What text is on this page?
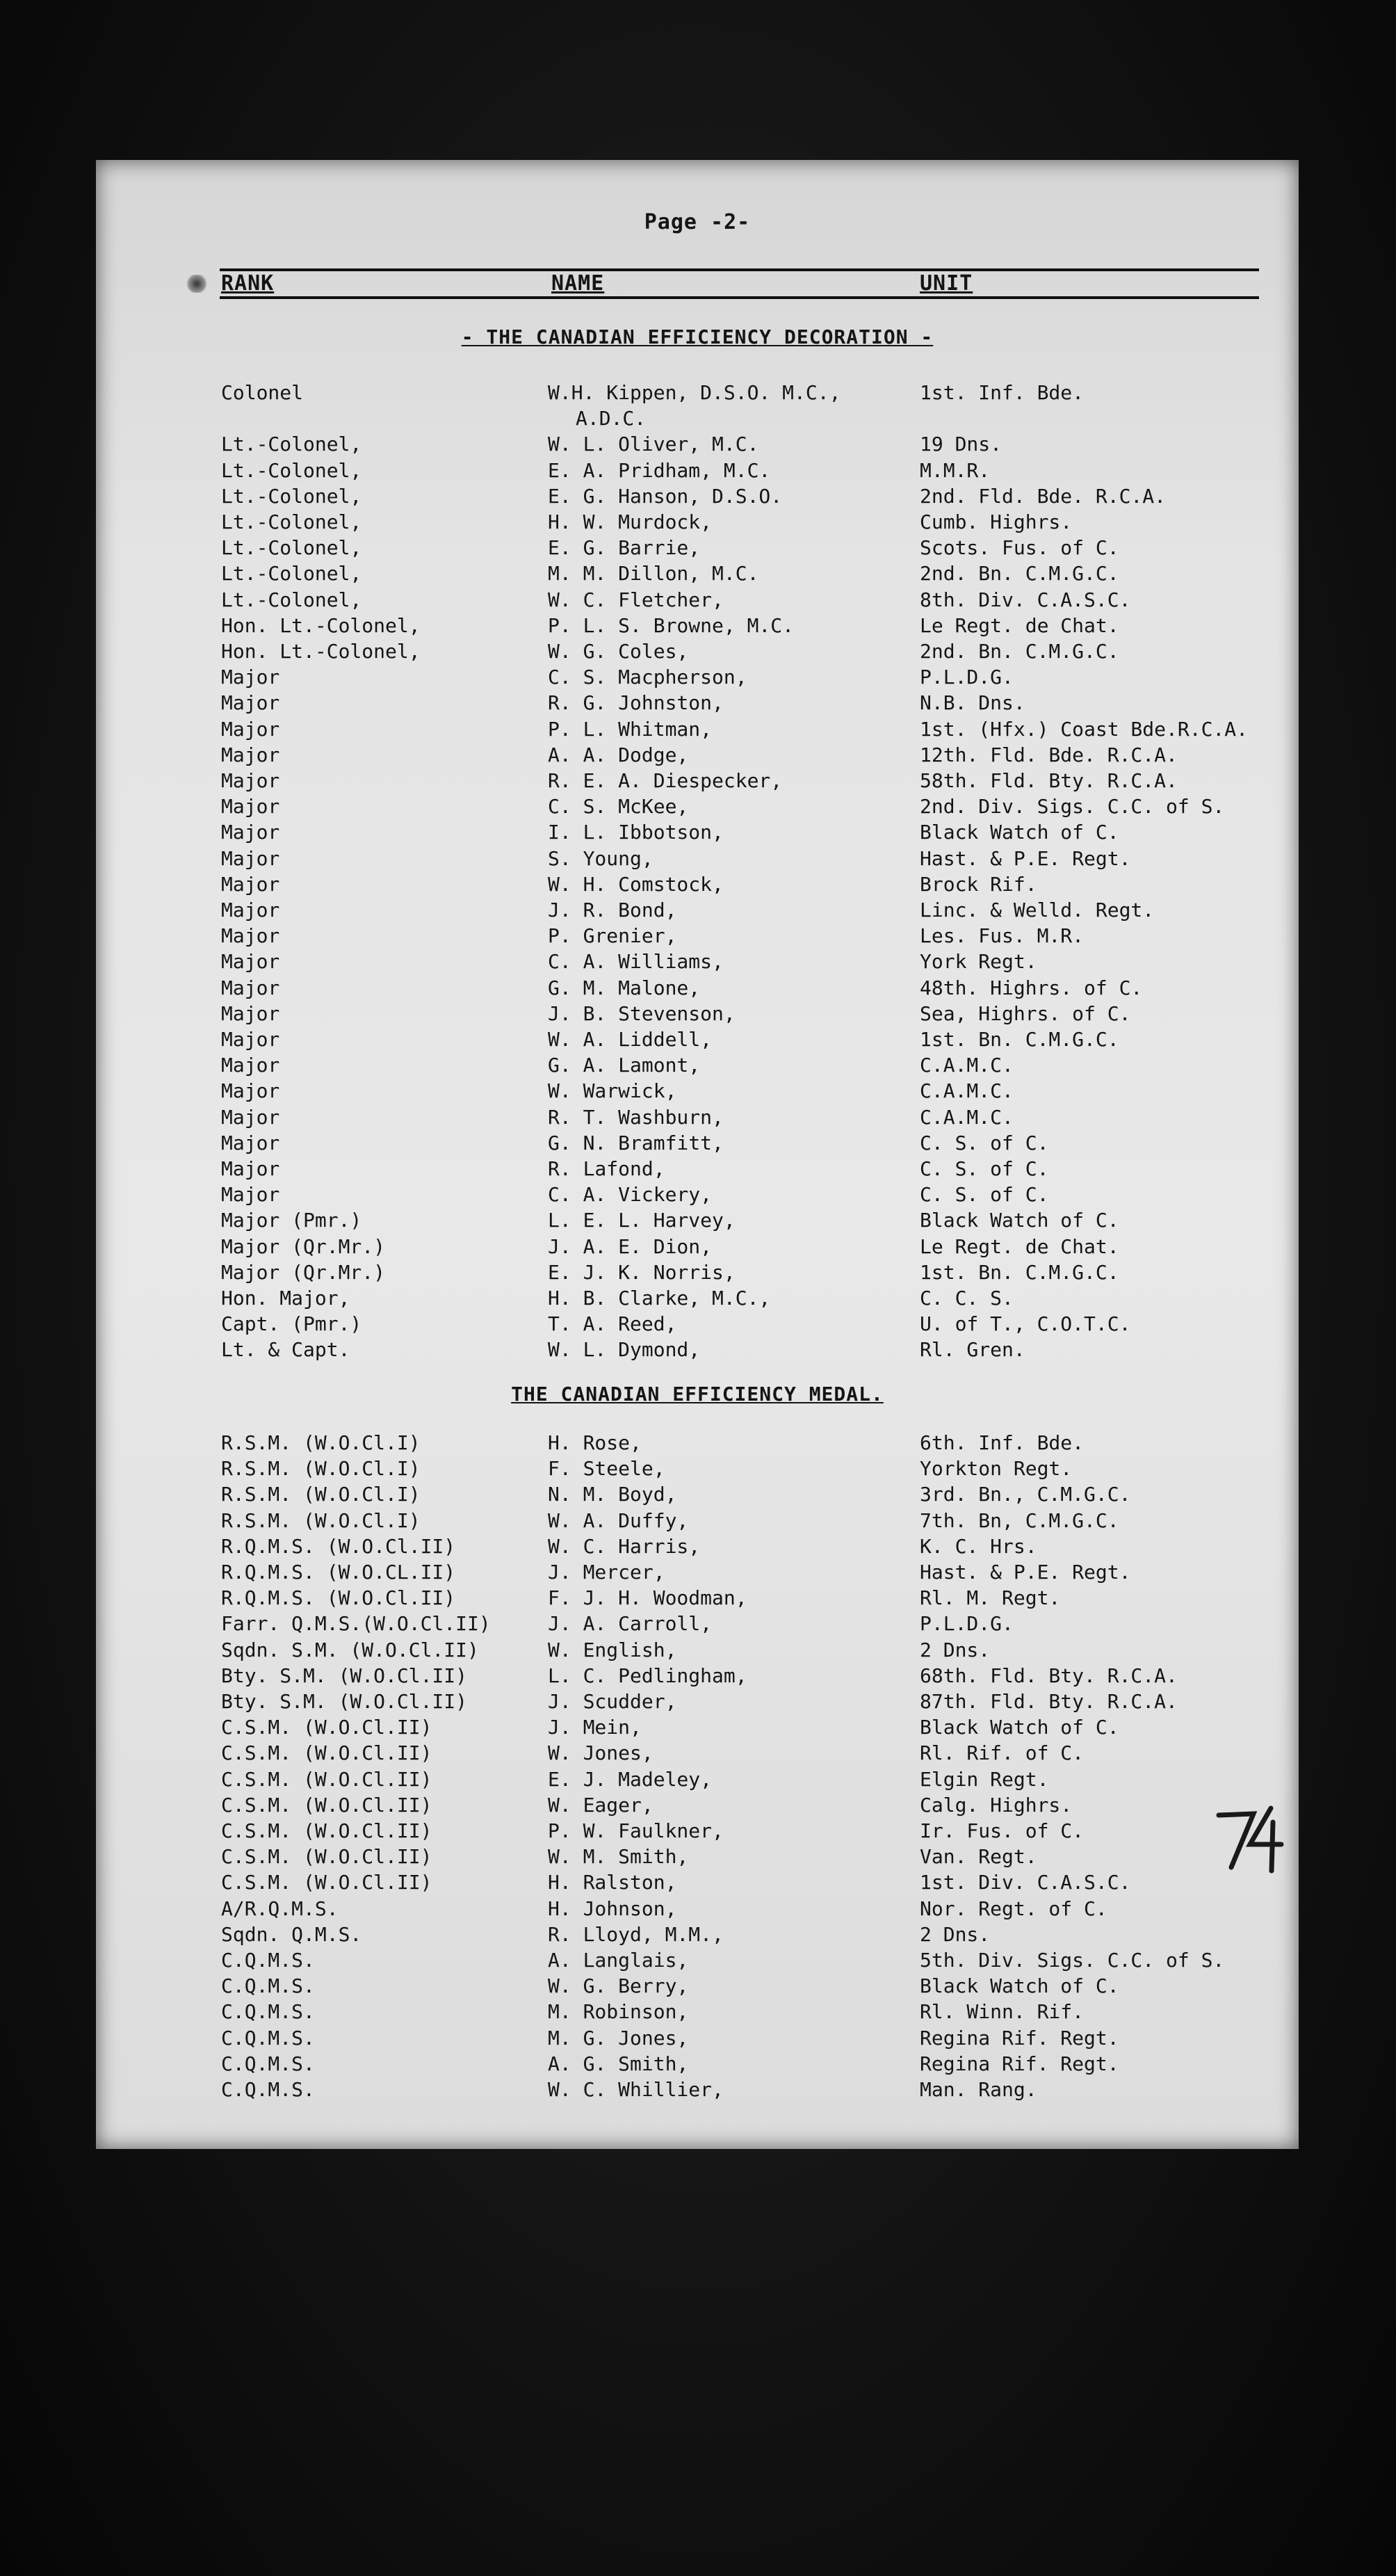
Page -2-
RANK	NAME	UNIT
- THE CANADIAN EFFICIENCY DECORATION -
Colonel	W.H. Kippen, D.S.O. M.C.,	1st. Inf. Bde.
A.D.C.
Lt.-Colonel,	W. L. Oliver, M.C.	19 Dns.
Lt.-Colonel,	E. A. Pridham, M.C.	M.M.R.
Lt.-Colonel,	E. G. Hanson, D.S.O.	2nd. Fld. Bde. R.C.A.
Lt.-Colonel,	H. W. Murdock,	Cumb. Highrs.
Lt.-Colonel,	E. G. Barrie,	Scots. Fus. of C.
Lt.-Colonel,	M. M. Dillon, M.C.	2nd. Bn. C.M.G.C.
Lt.-Colonel,	W. C. Fletcher,	8th. Div. C.A.S.C.
Hon. Lt.-Colonel,	P. L. S. Browne, M.C.	Le Regt. de Chat.
Hon. Lt.-Colonel,	W. G. Coles,	2nd. Bn. C.M.G.C.
Major	C. S. Macpherson,	P.L.D.G.
Major	R. G. Johnston,	N.B. Dns.
Major	P. L. Whitman,	1st. (Hfx.) Coast Bde.R.C.A.
Major	A. A. Dodge,	12th. Fld. Bde. R.C.A.
Major	R. E. A. Diespecker,	58th. Fld. Bty. R.C.A.
Major	C. S. McKee,	2nd. Div. Sigs. C.C. of S.
Major	I. L. Ibbotson,	Black Watch of C.
Major	S. Young,	Hast. & P.E. Regt.
Major	W. H. Comstock,	Brock Rif.
Major	J. R. Bond,	Linc. & Welld. Regt.
Major	P. Grenier,	Les. Fus. M.R.
Major	C. A. Williams,	York Regt.
Major	G. M. Malone,	48th. Highrs. of C.
Major	J. B. Stevenson,	Sea, Highrs. of C.
Major	W. A. Liddell,	1st. Bn. C.M.G.C.
Major	G. A. Lamont,	C.A.M.C.
Major	W. Warwick,	C.A.M.C.
Major	R. T. Washburn,	C.A.M.C.
Major	G. N. Bramfitt,	C. S. of C.
Major	R. Lafond,	C. S. of C.
Major	C. A. Vickery,	C. S. of C.
Major (Pmr.)	L. E. L. Harvey,	Black Watch of C.
Major (Qr.Mr.)	J. A. E. Dion,	Le Regt. de Chat.
Major (Qr.Mr.)	E. J. K. Norris,	1st. Bn. C.M.G.C.
Hon. Major,	H. B. Clarke, M.C.,	C. C. S.
Capt. (Pmr.)	T. A. Reed,	U. of T., C.O.T.C.
Lt. & Capt.	W. L. Dymond,	Rl. Gren.
THE CANADIAN EFFICIENCY MEDAL.
R.S.M. (W.O.Cl.I)	H. Rose,	6th. Inf. Bde.
R.S.M. (W.O.Cl.I)	F. Steele,	Yorkton Regt.
R.S.M. (W.O.Cl.I)	N. M. Boyd,	3rd. Bn., C.M.G.C.
R.S.M. (W.O.Cl.I)	W. A. Duffy,	7th. Bn, C.M.G.C.
R.Q.M.S. (W.O.Cl.II)	W. C. Harris,	K. C. Hrs.
R.Q.M.S. (W.O.CL.II)	J. Mercer,	Hast. & P.E. Regt.
R.Q.M.S. (W.O.Cl.II)	F. J. H. Woodman,	Rl. M. Regt.
Farr. Q.M.S.(W.O.Cl.II)	J. A. Carroll,	P.L.D.G.
Sqdn. S.M. (W.O.Cl.II)	W. English,	2 Dns.
Bty. S.M. (W.O.Cl.II)	L. C. Pedlingham,	68th. Fld. Bty. R.C.A.
Bty. S.M. (W.O.Cl.II)	J. Scudder,	87th. Fld. Bty. R.C.A.
C.S.M. (W.O.Cl.II)	J. Mein,	Black Watch of C.
C.S.M. (W.O.Cl.II)	W. Jones,	Rl. Rif. of C.
C.S.M. (W.O.Cl.II)	E. J. Madeley,	Elgin Regt.
C.S.M. (W.O.Cl.II)	W. Eager,	Calg. Highrs.
C.S.M. (W.O.Cl.II)	P. W. Faulkner,	Ir. Fus. of C.
C.S.M. (W.O.Cl.II)	W. M. Smith,	Van. Regt.
C.S.M. (W.O.Cl.II)	H. Ralston,	1st. Div. C.A.S.C.
A/R.Q.M.S.	H. Johnson,	Nor. Regt. of C.
Sqdn. Q.M.S.	R. Lloyd, M.M.,	2 Dns.
C.Q.M.S.	A. Langlais,	5th. Div. Sigs. C.C. of S.
C.Q.M.S.	W. G. Berry,	Black Watch of C.
C.Q.M.S.	M. Robinson,	Rl. Winn. Rif.
C.Q.M.S.	M. G. Jones,	Regina Rif. Regt.
C.Q.M.S.	A. G. Smith,	Regina Rif. Regt.
C.Q.M.S.	W. C. Whillier,	Man. Rang.
